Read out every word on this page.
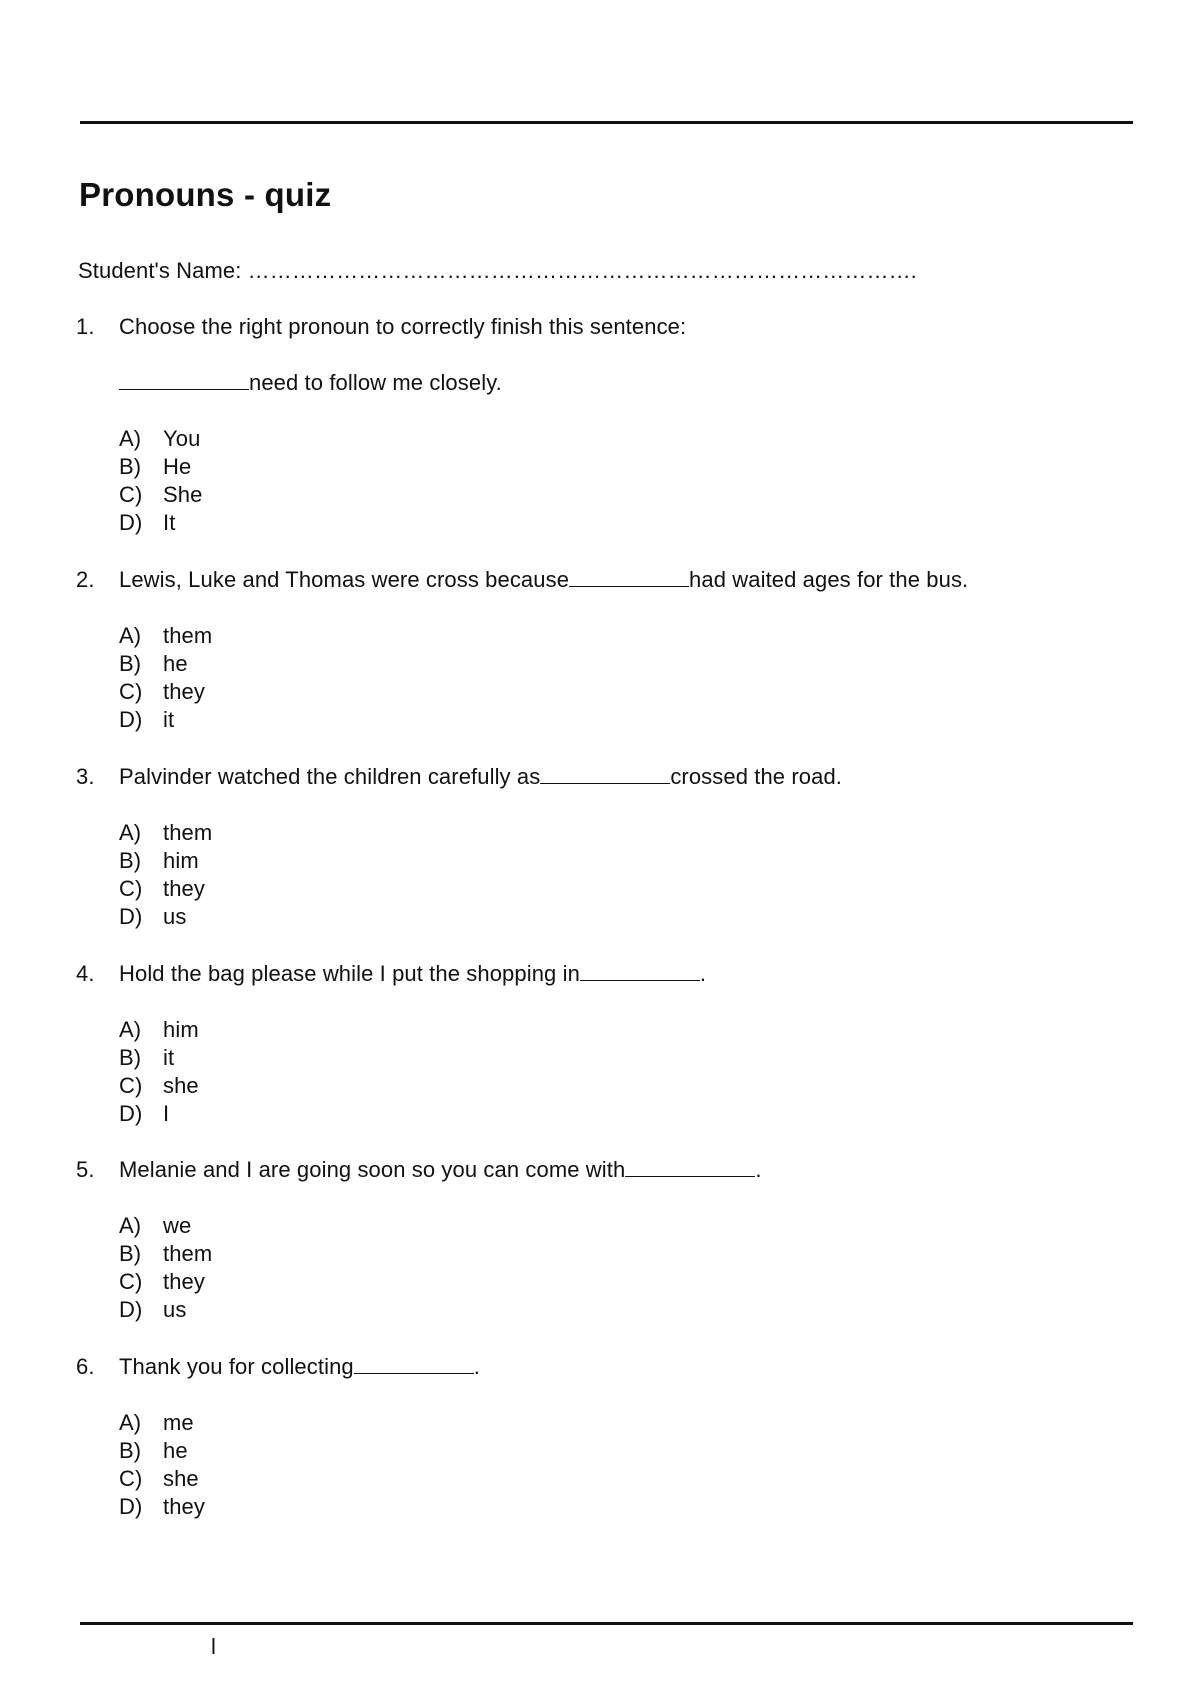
Pronouns - quiz
Student's Name: ……………………………………………………………………………….
1.	Choose the right pronoun to correctly finish this sentence:
need to follow me closely.
A) You
B) He
C) She
D) It
2.	Lewis, Luke and Thomas were cross because	had waited ages for the bus.
A) them
B) he
C) they
D) it
3.	Palvinder watched the children carefully as	crossed the road.
A) them
B) him
C) they
D) us
4.	Hold the bag please while I put the shopping in	.
A) him
B) it
C) she
D) I
5.	Melanie and I are going soon so you can come with	.
A) we
B) them
C) they
D) us
6.	Thank you for collecting	.
A) me
B) he
C) she
D) they
l
